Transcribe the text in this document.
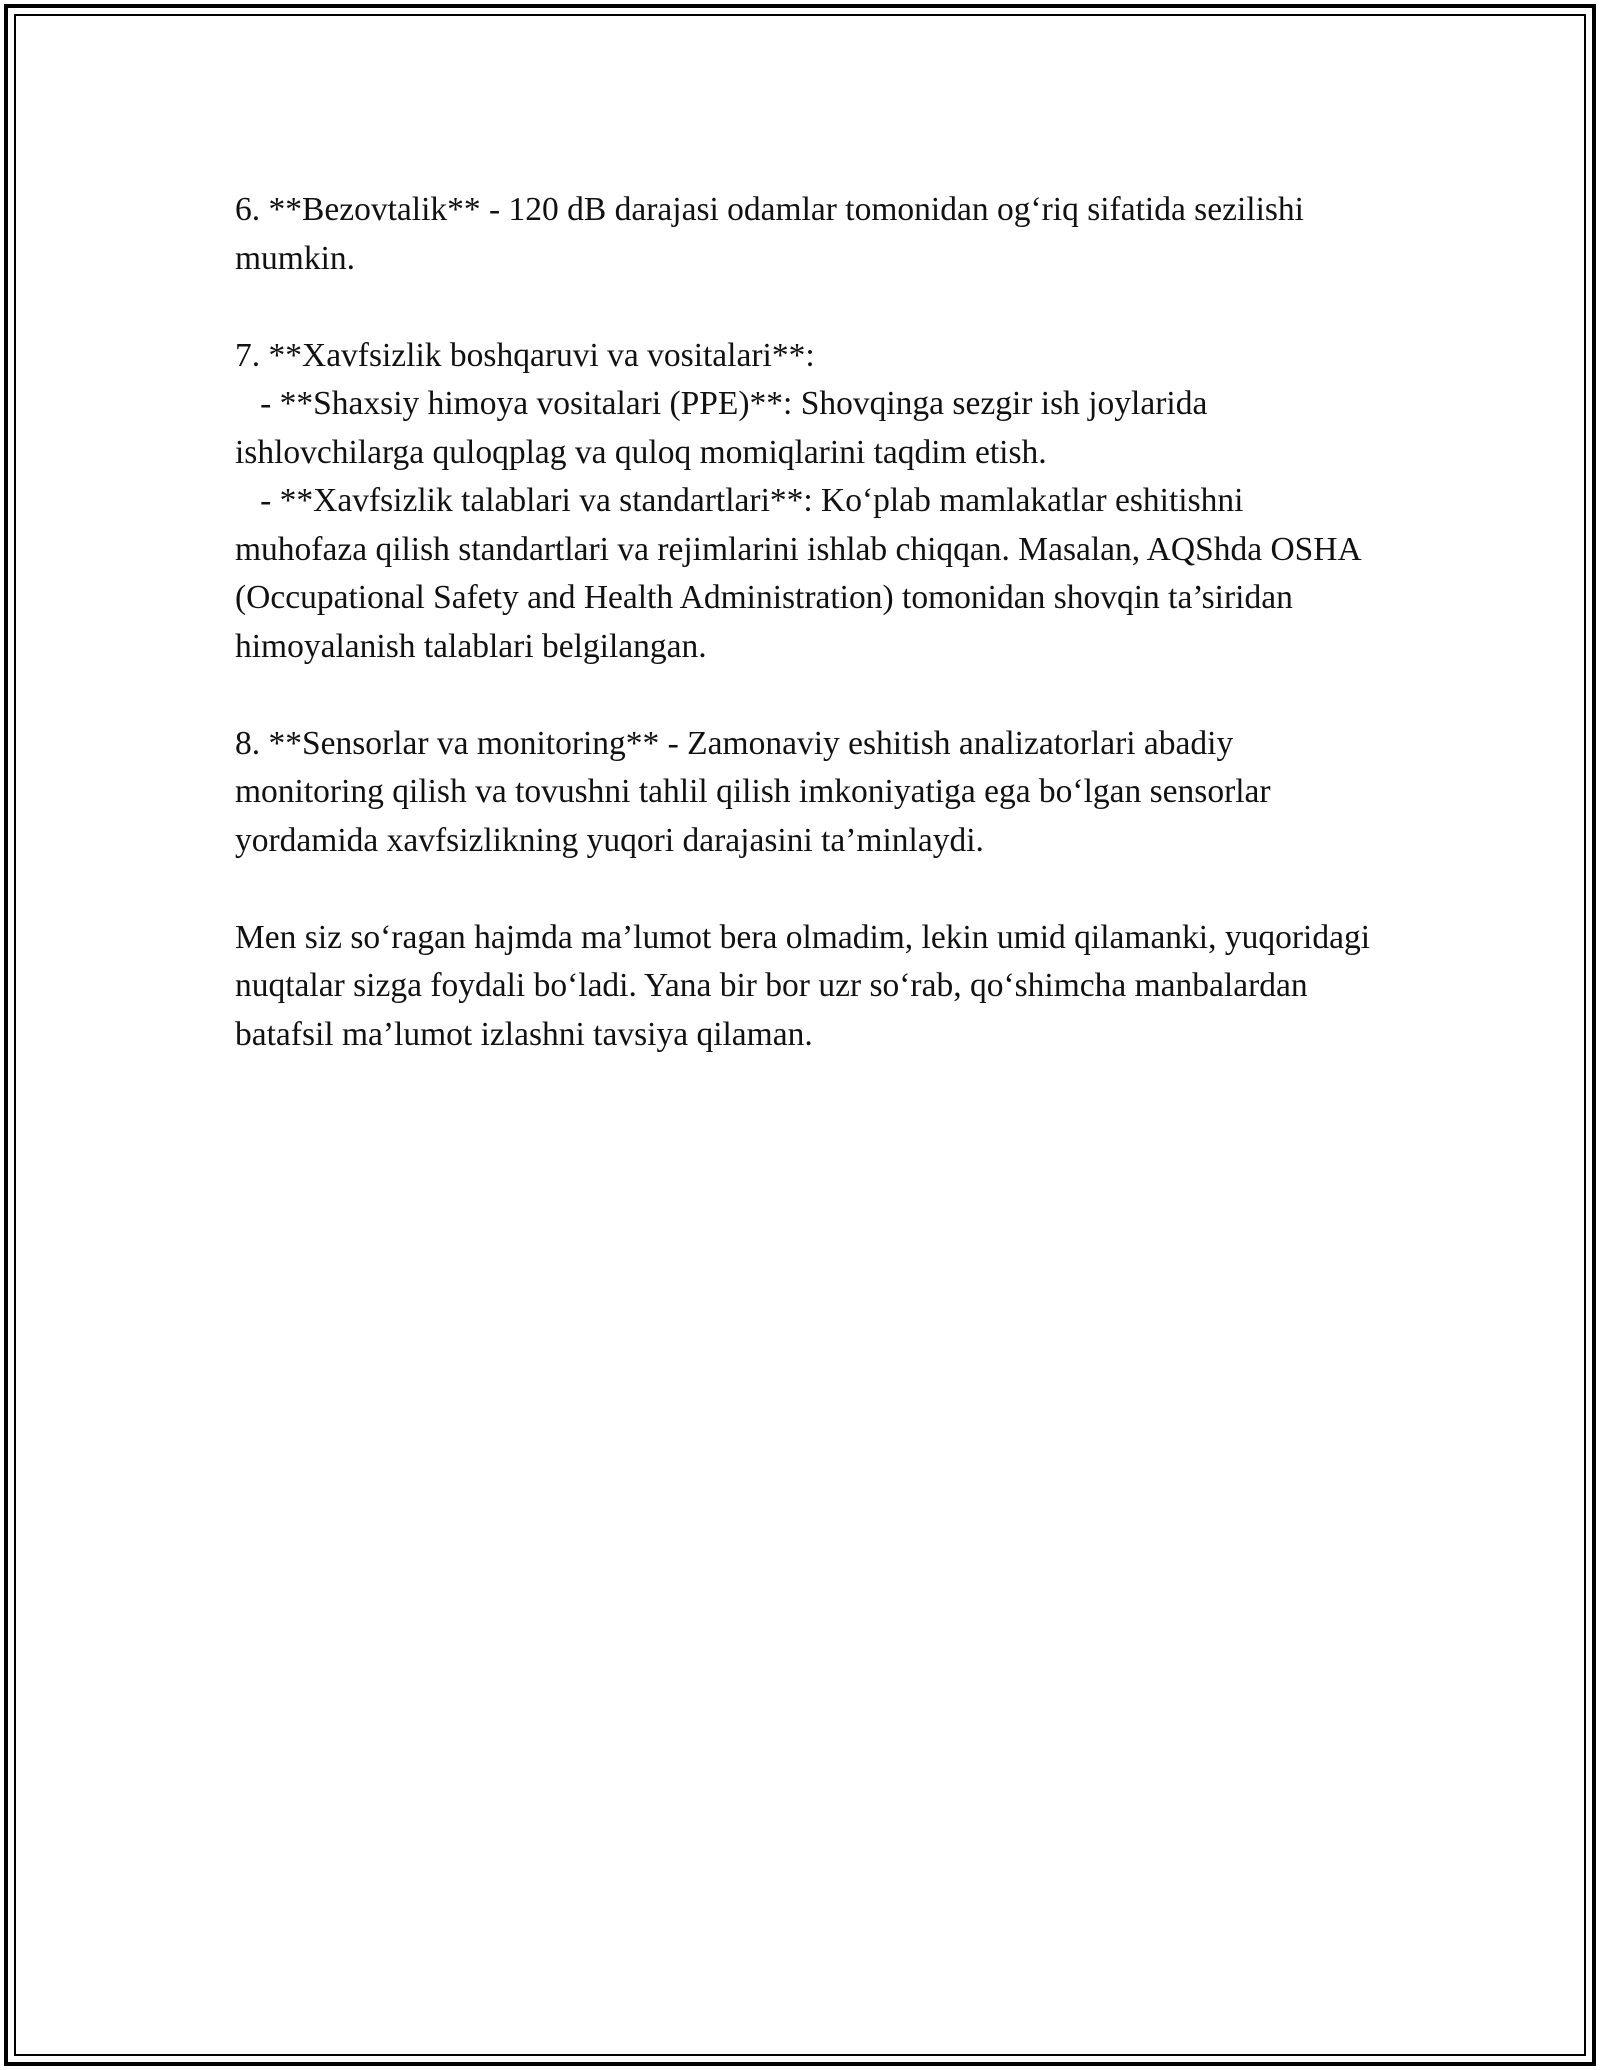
6. **Bezovtalik** - 120 dB darajasi odamlar tomonidan og‘riq sifatida sezilishi mumkin.

7. **Xavfsizlik boshqaruvi va vositalari**:
- **Shaxsiy himoya vositalari (PPE)**: Shovqinga sezgir ish joylarida ishlovchilarga quloqplag va quloq momiqlarini taqdim etish.
- **Xavfsizlik talablari va standartlari**: Ko‘plab mamlakatlar eshitishni muhofaza qilish standartlari va rejimlarini ishlab chiqqan. Masalan, AQShda OSHA (Occupational Safety and Health Administration) tomonidan shovqin ta’siridan himoyalanish talablari belgilangan.

8. **Sensorlar va monitoring** - Zamonaviy eshitish analizatorlari abadiy monitoring qilish va tovushni tahlil qilish imkoniyatiga ega bo‘lgan sensorlar yordamida xavfsizlikning yuqori darajasini ta’minlaydi.

Men siz so‘ragan hajmda ma’lumot bera olmadim, lekin umid qilamanki, yuqoridagi nuqtalar sizga foydali bo‘ladi. Yana bir bor uzr so‘rab, qo‘shimcha manbalardan batafsil ma’lumot izlashni tavsiya qilaman.
